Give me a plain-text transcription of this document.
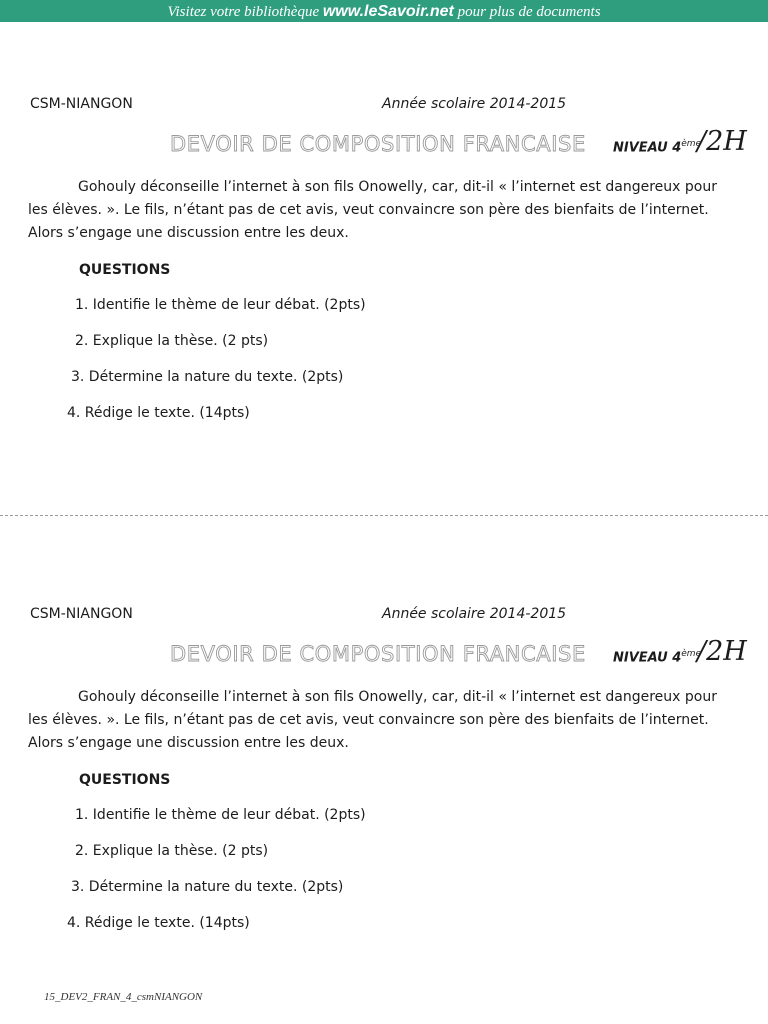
Visitez votre bibliothèque www.leSavoir.net pour plus de documents
CSM-NIANGON	Année scolaire 2014-2015
DEVOIR DE COMPOSITION FRANCAISE NIVEAU 4ème
/2H

Gohouly déconseille l’internet à son fils Onowelly, car, dit-il « l’internet est dangereux pour les élèves. ». Le fils, n’étant pas de cet avis, veut convaincre son père des bienfaits de l’internet. Alors s’engage une discussion entre les deux.

QUESTIONS
1. Identifie le thème de leur débat. (2pts)
2. Explique la thèse. (2 pts)
3. Détermine la nature du texte. (2pts)
4. Rédige le texte. (14pts)
CSM-NIANGON	Année scolaire 2014-2015
DEVOIR DE COMPOSITION FRANCAISE NIVEAU 4ème
/2H

Gohouly déconseille l’internet à son fils Onowelly, car, dit-il « l’internet est dangereux pour les élèves. ». Le fils, n’étant pas de cet avis, veut convaincre son père des bienfaits de l’internet. Alors s’engage une discussion entre les deux.

QUESTIONS
1. Identifie le thème de leur débat. (2pts)
2. Explique la thèse. (2 pts)
3. Détermine la nature du texte. (2pts)
4. Rédige le texte. (14pts)
15_DEV2_FRAN_4_csmNIANGON
